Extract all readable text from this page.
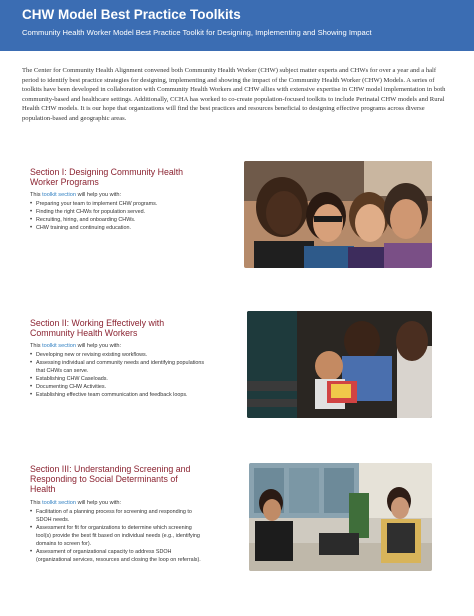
CHW Model Best Practice Toolkits
Community Health Worker Model Best Practice Toolkit for Designing, Implementing and Showing Impact
The Center for Community Health Alignment convened both Community Health Worker (CHW) subject matter experts and CHWs for over a year and a half period to identify best practice strategies for designing, implementing and showing the impact of the Community Health Worker (CHW) Models. A series of toolkits have been developed in collaboration with Community Health Workers and CHW allies with extensive expertise in CHW model implementation in both community-based and healthcare settings. Additionally, CCHA has worked to co-create population-focused toolkits to include Perinatal CHW models and Rural Health CHW models. It is our hope that organizations will find the best practices and resources beneficial to designing effective programs across diverse population-based and geographic areas.
Section I: Designing Community Health Worker Programs
This toolkit section will help you with:
• Preparing your team to implement CHW programs.
• Finding the right CHWs for population served.
• Recruiting, hiring, and onboarding CHWs.
• CHW training and continuing education.
Section II: Working Effectively with Community Health Workers
This toolkit section will help you with:
• Developing new or revising existing workflows.
• Assessing individual and community needs and identifying populations that CHWs can serve.
• Establishing CHW Caseloads.
• Documenting CHW Activities.
• Establishing effective team communication and feedback loops.
Section III: Understanding Screening and Responding to Social Determinants of Health
This toolkit section will help you with:
• Facilitation of a planning process for screening and responding to SDOH needs.
• Assessment for fit for organizations to determine which screening tool(s) provide the best fit based on individual needs (e.g., identifying domains to screen for).
• Assessment of organizational capacity to address SDOH (organizational services, resources and closing the loop on referrals).
